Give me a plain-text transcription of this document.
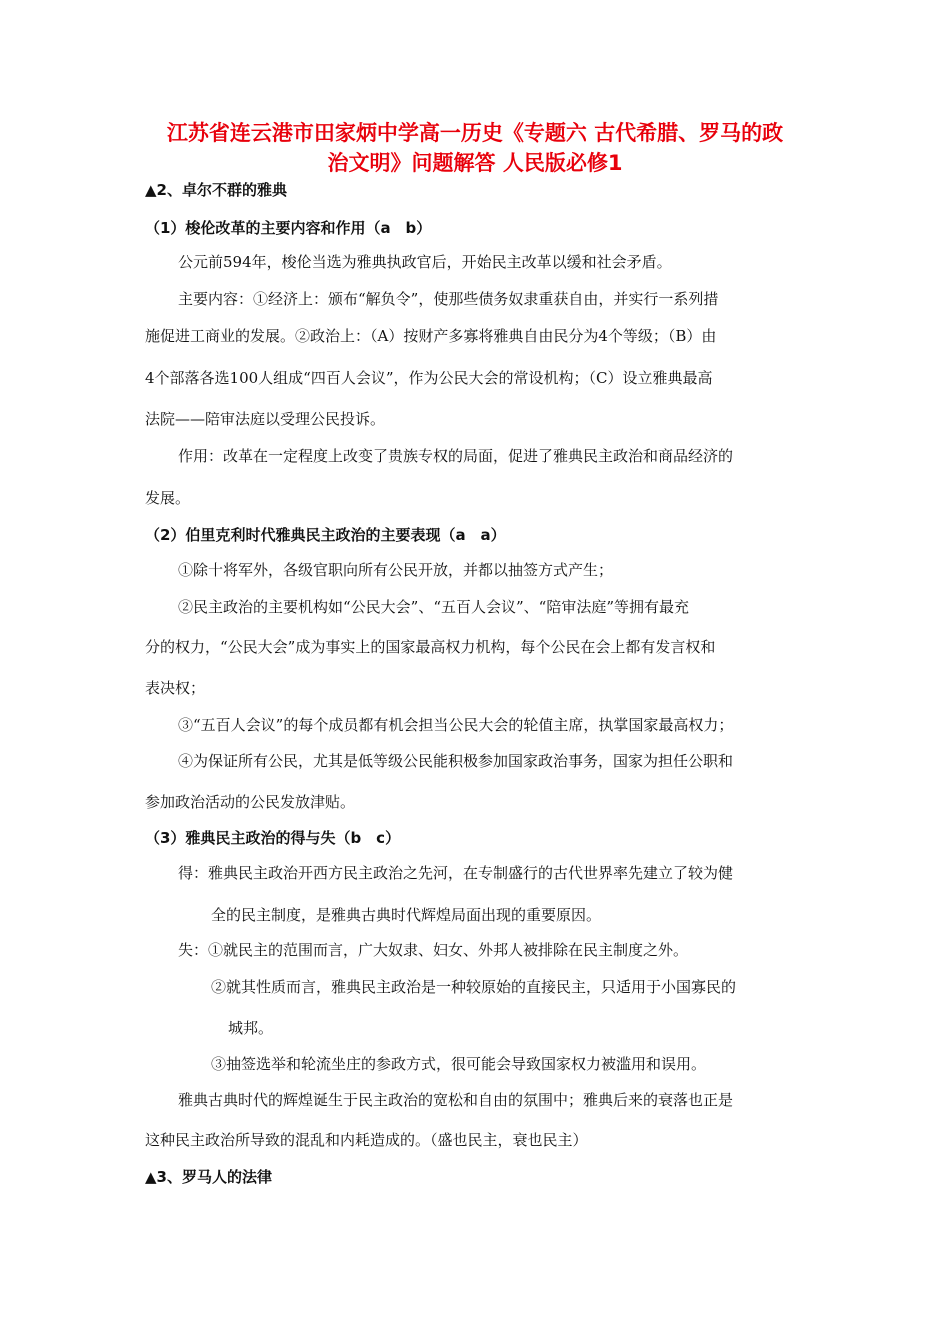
江苏省连云港市田家炳中学高一历史《专题六 古代希腊、罗马的政
治文明》问题解答 人民版必修1
▲2、卓尔不群的雅典
（1）梭伦改革的主要内容和作用（a　b）
公元前594年，梭伦当选为雅典执政官后，开始民主改革以缓和社会矛盾。
主要内容：①经济上：颁布“解负令”，使那些债务奴隶重获自由，并实行一系列措
施促进工商业的发展。②政治上：（A）按财产多寡将雅典自由民分为4个等级；（B）由
4个部落各选100人组成“四百人会议”，作为公民大会的常设机构；（C）设立雅典最高
法院——陪审法庭以受理公民投诉。
作用：改革在一定程度上改变了贵族专权的局面，促进了雅典民主政治和商品经济的
发展。
（2）伯里克利时代雅典民主政治的主要表现（a　a）
①除十将军外，各级官职向所有公民开放，并都以抽签方式产生；
②民主政治的主要机构如“公民大会”、“五百人会议”、“陪审法庭”等拥有最充
分的权力，“公民大会”成为事实上的国家最高权力机构，每个公民在会上都有发言权和
表决权；
③“五百人会议”的每个成员都有机会担当公民大会的轮值主席，执掌国家最高权力；
④为保证所有公民，尤其是低等级公民能积极参加国家政治事务，国家为担任公职和
参加政治活动的公民发放津贴。
（3）雅典民主政治的得与失（b　c）
得：雅典民主政治开西方民主政治之先河，在专制盛行的古代世界率先建立了较为健
全的民主制度，是雅典古典时代辉煌局面出现的重要原因。
失：①就民主的范围而言，广大奴隶、妇女、外邦人被排除在民主制度之外。
②就其性质而言，雅典民主政治是一种较原始的直接民主，只适用于小国寡民的
城邦。
③抽签选举和轮流坐庄的参政方式，很可能会导致国家权力被滥用和误用。
雅典古典时代的辉煌诞生于民主政治的宽松和自由的氛围中；雅典后来的衰落也正是
这种民主政治所导致的混乱和内耗造成的。（盛也民主，衰也民主）
▲3、罗马人的法律
